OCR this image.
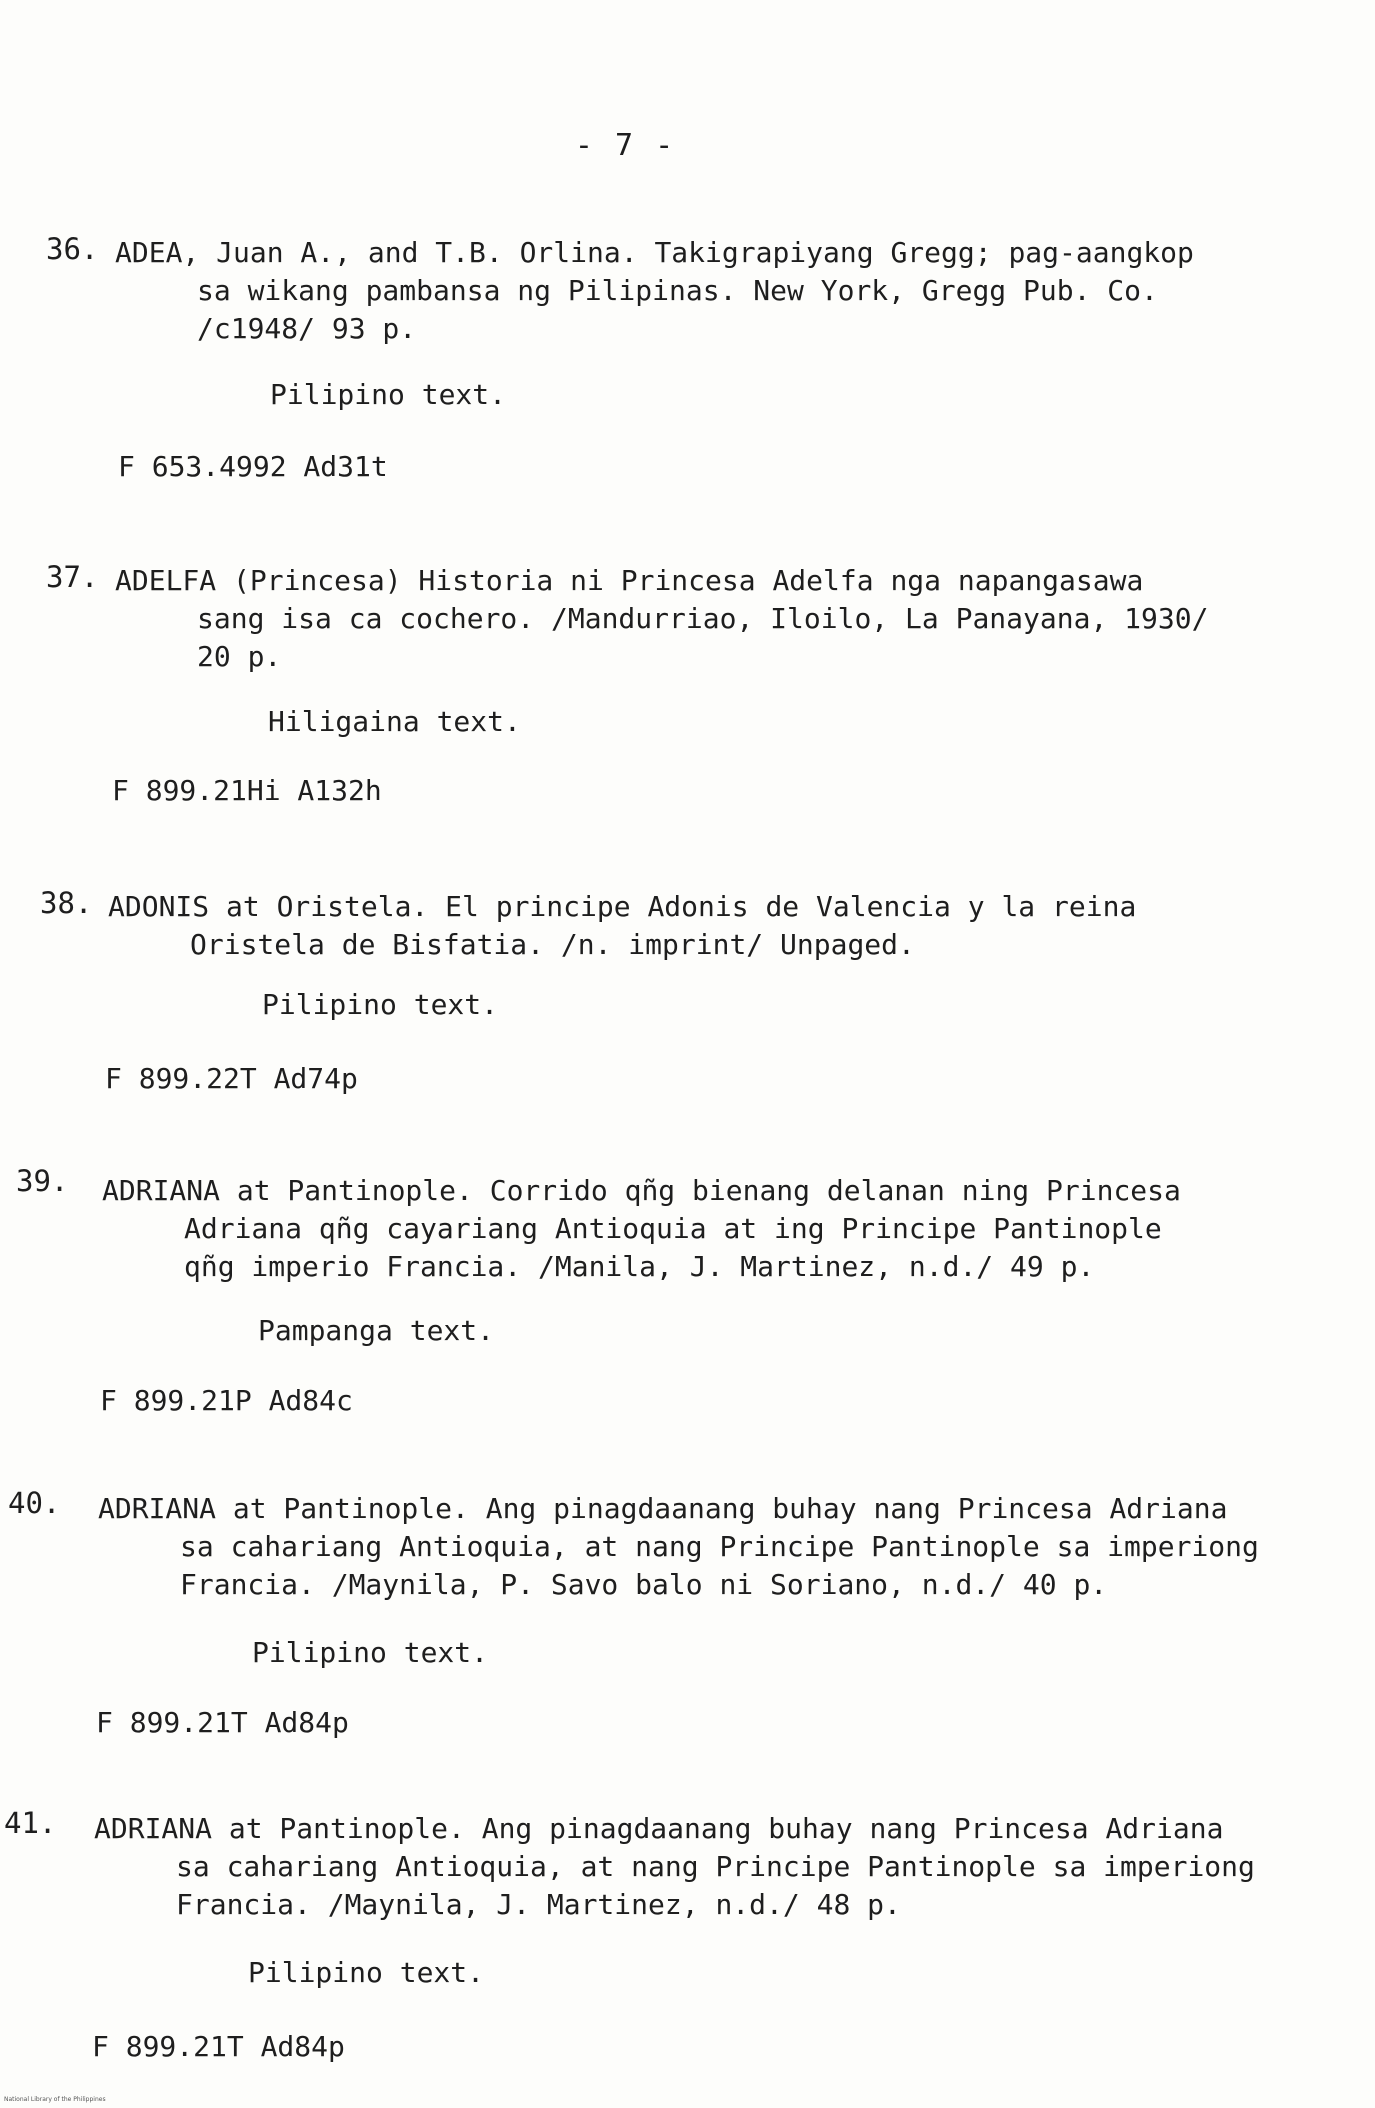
- 7 -
36. ADEA, Juan A., and T.B. Orlina. Takigrapiyang Gregg; pag-aangkop
sa wikang pambansa ng Pilipinas. New York, Gregg Pub. Co.
/c1948/ 93 p.
Pilipino text.
F 653.4992 Ad31t
37. ADELFA (Princesa) Historia ni Princesa Adelfa nga napangasawa
sang isa ca cochero. /Mandurriao, Iloilo, La Panayana, 1930/
20 p.
Hiligaina text.
F 899.21Hi A132h
38. ADONIS at Oristela. El principe Adonis de Valencia y la reina
Oristela de Bisfatia. /n. imprint/ Unpaged.
Pilipino text.
F 899.22T Ad74p
39. ADRIANA at Pantinople. Corrido qñg bienang delanan ning Princesa
Adriana qñg cayariang Antioquia at ing Principe Pantinople
qñg imperio Francia. /Manila, J. Martinez, n.d./ 49 p.
Pampanga text.
F 899.21P Ad84c
40. ADRIANA at Pantinople. Ang pinagdaanang buhay nang Princesa Adriana
sa cahariang Antioquia, at nang Principe Pantinople sa imperiong
Francia. /Maynila, P. Savo balo ni Soriano, n.d./ 40 p.
Pilipino text.
F 899.21T Ad84p
41. ADRIANA at Pantinople. Ang pinagdaanang buhay nang Princesa Adriana
sa cahariang Antioquia, at nang Principe Pantinople sa imperiong
Francia. /Maynila, J. Martinez, n.d./ 48 p.
Pilipino text.
F 899.21T Ad84p
National Library of the Philippines
